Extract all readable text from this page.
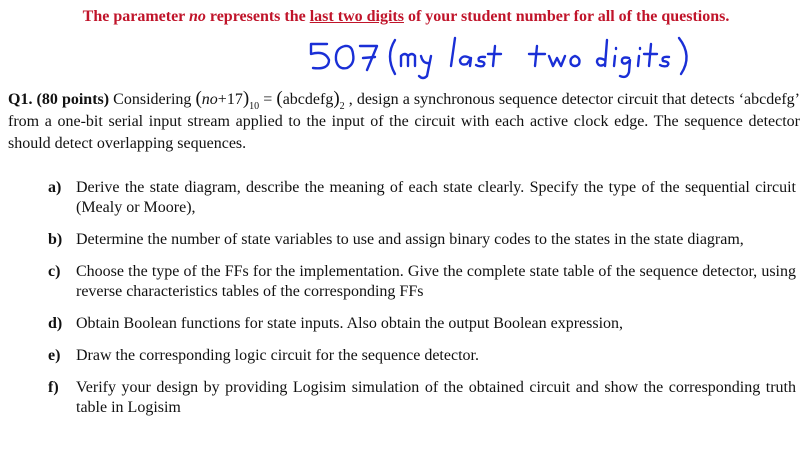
The parameter no represents the last two digits of your student number for all of the questions.
Q1. (80 points) Considering $(no+17)_{10}$ = $(abcdefg)_2$ , design a synchronous sequence detector circuit that detects ‘abcdefg’ from a one-bit serial input stream applied to the input of the circuit with each active clock edge. The sequence detector should detect overlapping sequences.
a) Derive the state diagram, describe the meaning of each state clearly. Specify the type of the sequential circuit (Mealy or Moore),
b) Determine the number of state variables to use and assign binary codes to the states in the state diagram,
c) Choose the type of the FFs for the implementation. Give the complete state table of the sequence detector, using reverse characteristics tables of the corresponding FFs
d) Obtain Boolean functions for state inputs. Also obtain the output Boolean expression,
e) Draw the corresponding logic circuit for the sequence detector.
f) Verify your design by providing Logisim simulation of the obtained circuit and show the corresponding truth table in Logisim
